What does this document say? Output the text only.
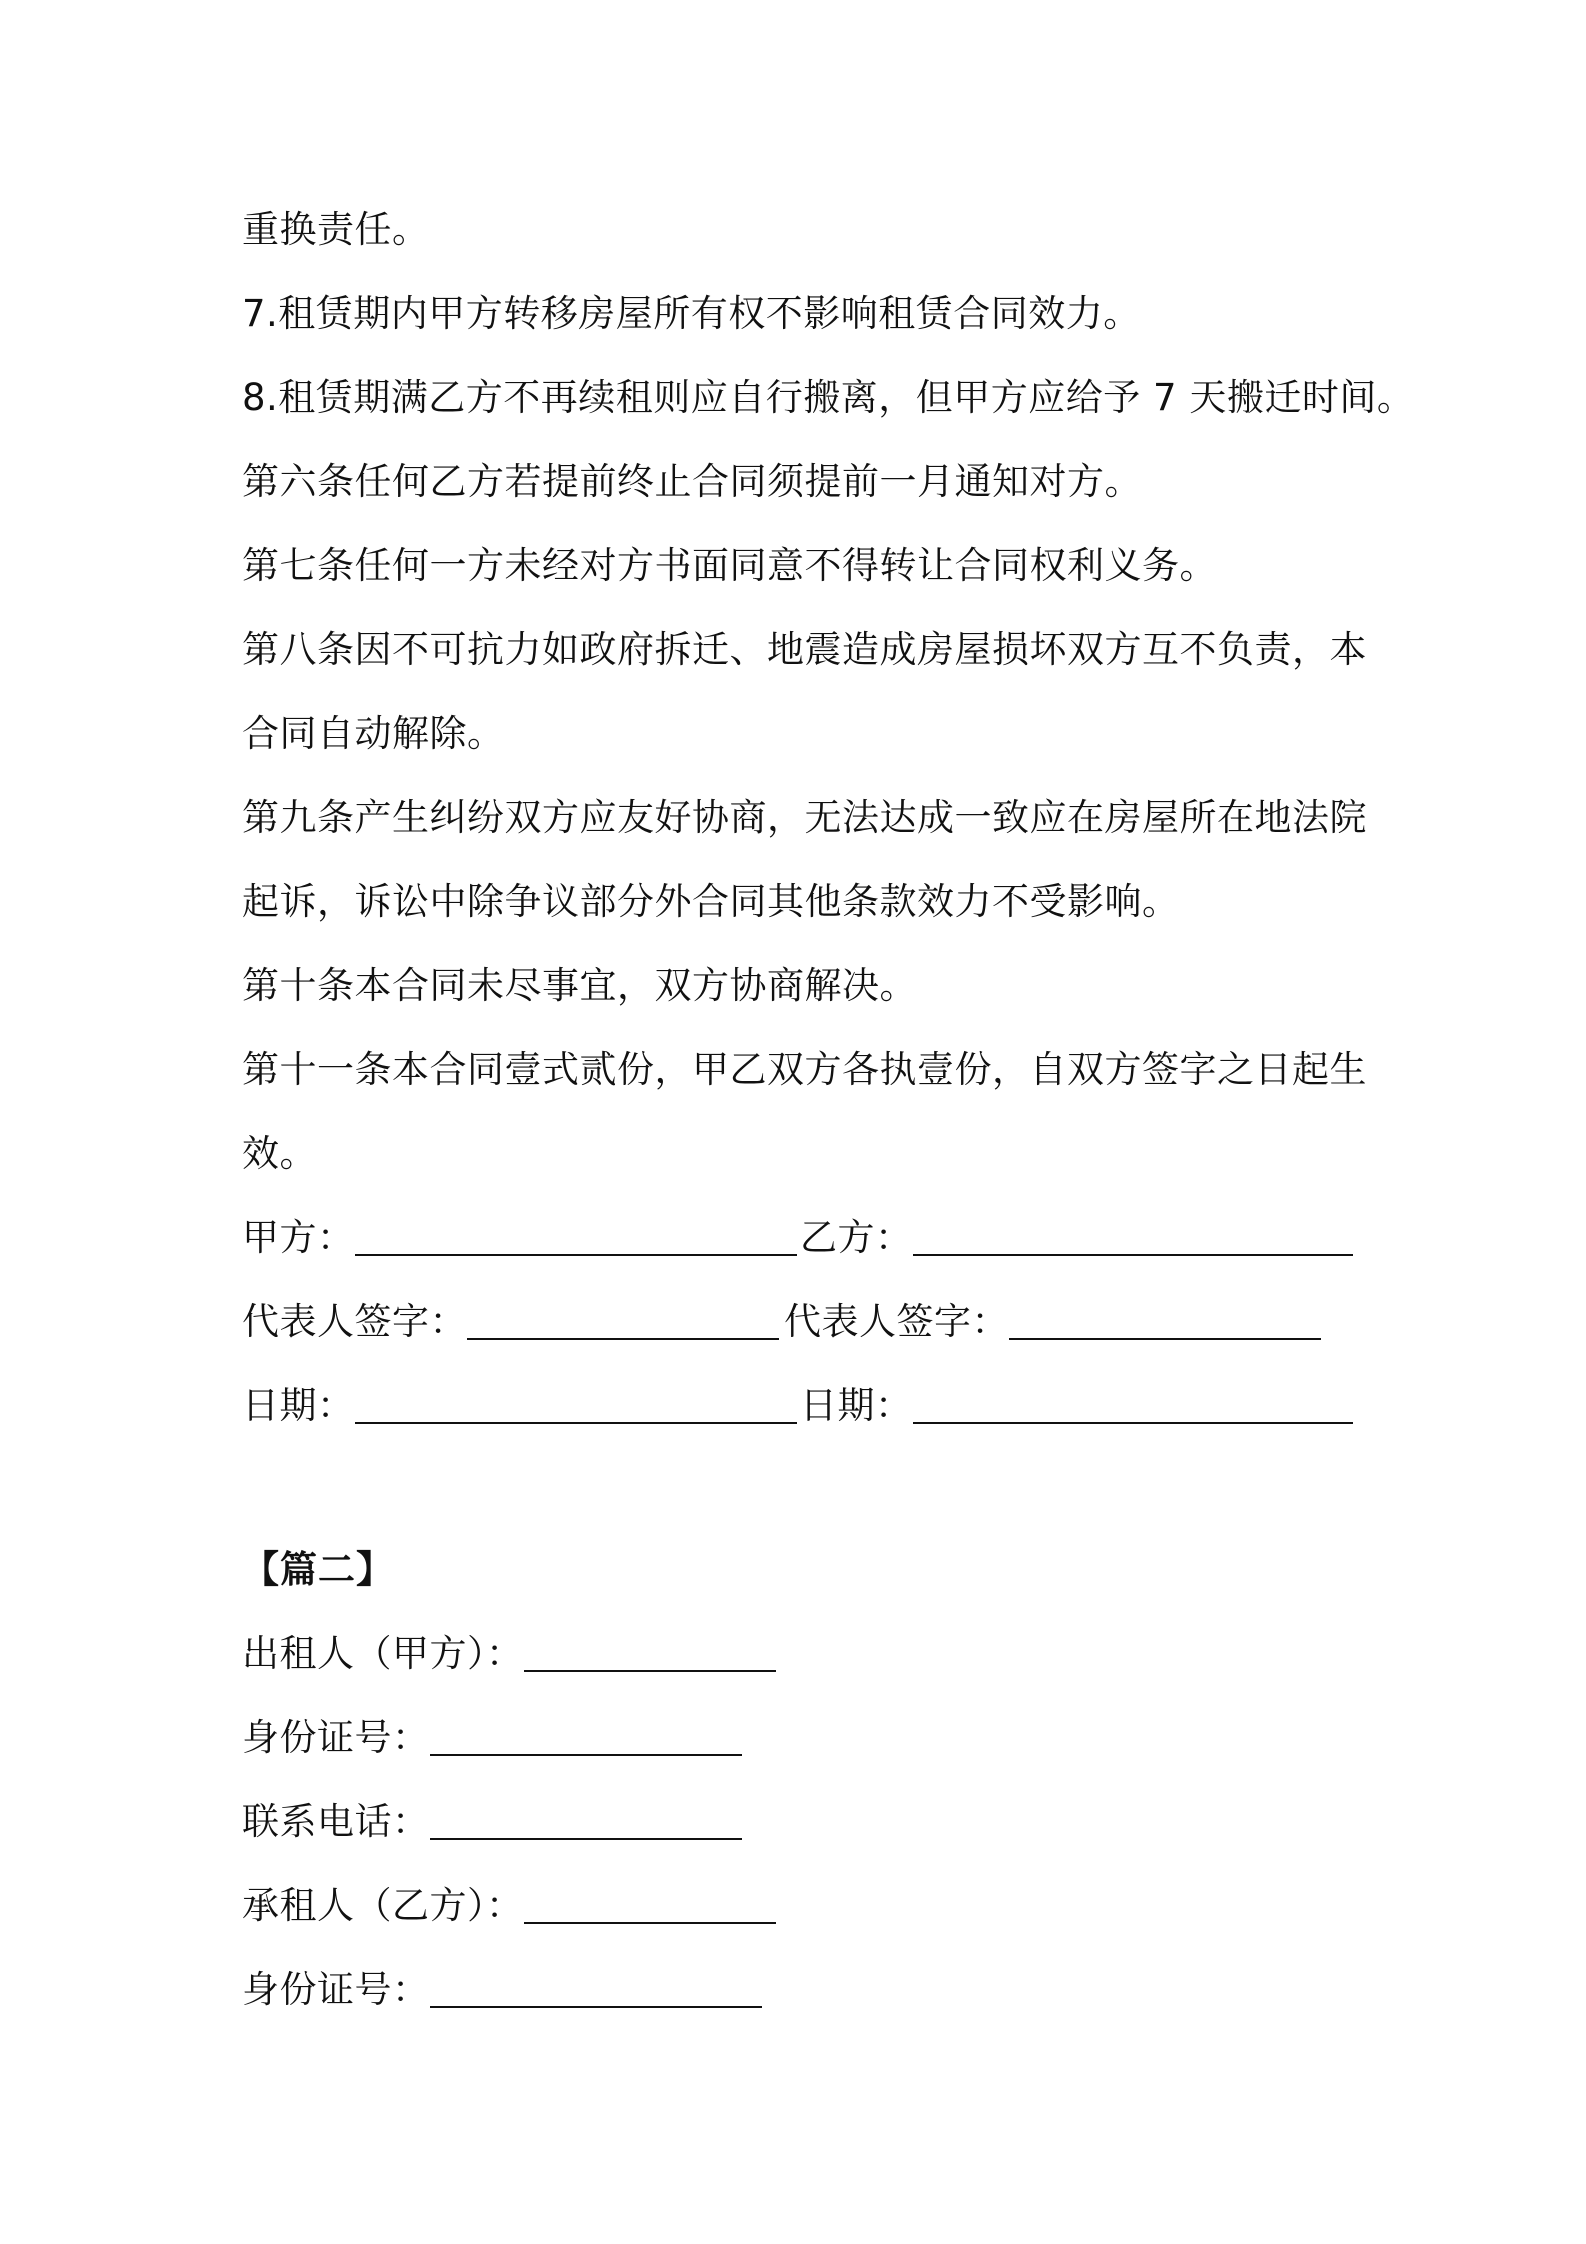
重换责任。
7.租赁期内甲方转移房屋所有权不影响租赁合同效力。
8.租赁期满乙方不再续租则应自行搬离，但甲方应给予 7 天搬迁时间。
第六条任何乙方若提前终止合同须提前一月通知对方。
第七条任何一方未经对方书面同意不得转让合同权利义务。
第八条因不可抗力如政府拆迁、地震造成房屋损坏双方互不负责，本
合同自动解除。
第九条产生纠纷双方应友好协商，无法达成一致应在房屋所在地法院
起诉，诉讼中除争议部分外合同其他条款效力不受影响。
第十条本合同未尽事宜，双方协商解决。
第十一条本合同壹式贰份，甲乙双方各执壹份，自双方签字之日起生
效。
甲方：	乙方：
代表人签字：	代表人签字：
日期：	日期：
【篇二】
出租人（甲方）：
身份证号：
联系电话：
承租人（乙方）：
身份证号：
